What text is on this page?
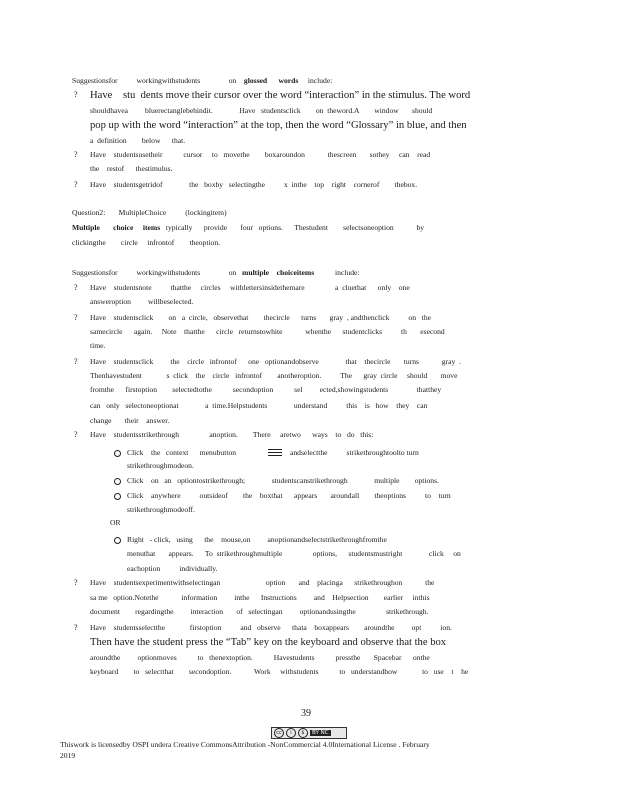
Suggestionsfor          workingwithstudents               on    glossed words     include:
Have    stu  dents move their cursor over the word “interaction” in the stimulus. The word
shouldhavea         bluerectanglebehindit.              Have   studentsclick        on  theword.A        window       should
pop up with the word “interaction” at the top, then the word “Glossary” in blue, and then
a  definition        below      that.
Have    studentsusetheir           cursor     to   movethe        boxaroundon            thescreen       sothey     can    read
the    restof      thestimulus.
Have    studentsgetridof              the   boxby   selectingthe          x  inthe    top    right    cornerof        thebox.
Question2:       MultipleChoice          (lockingitem)
Multiple choice items   typically      provide       four   options.      Thestudent        selectsoneoption            by
clickingthe        circle     infrontof        theoption.
Suggestionsfor          workingwithstudents               on   multiple choiceitems           include:
Have    studentsnote          thatthe     circles     withlettersinsidethemare                a  cluethat      only    one
answeroption         willbeselected.
Have    studentsclick        on   a  circle,   observethat        thecircle      turns       gray  , andthenclick          on   the
samecircle      again.     Note    thatthe      circle   returnstowhite            whenthe      studentclicks          th       esecond
time.
Have    studentsclick         the    circle   infrontof      one   optionandobserve              that    thecircle       turns            gray  .
Thenhavestudent             s  click    the    circle   infrontof        anotheroption.          The      gray  circle     should       move
fromthe      firstoption        selectedtothe           secondoption           sel         ected,showingstudents               thatthey
can   only   selectoneoptionat              a  time.Helpstudents              understand          this    is   how    they    can
change       their    answer.
Have    studentsstrikethrough                anoption.        There     aretwo      ways    to   do   this:
Click    the   context      menubutton	andselectthe          strikethroughtoolto turn
strikethroughmodeon.
Click    on   an   optiontostrikethrough;              studentscanstrikethrough              multiple        options.
Click    anywhere          outsideof        the    boxthat      appears       aroundall        theoptions          to    turn
strikethroughmodeoff.
OR
Right   - click,   using      the    mouse,on         anoptionandselectstrikethroughfromthe
menuthat       appears.      To  strikethroughmultiple                options,      studentsmustright              click     on
eachoption          individually.
Have    studentsexperimentwithselectingan                        option       and    placinga      strikethroughon            the
sa me   option.Notethe            information         inthe      Instructions         and    Helpsection        earlier     inthis
document        regardingthe         interaction       of   selectingan         optionandusingthe                strikethrough.
Have    studentsselectthe             firstoption          and   observe      thata    boxappears        aroundthe         opt          ion.
Then have the student press the “Tab” key on the keyboard and observe that the box
aroundthe         optionmoves           to   thenextoption.           Havestudents           pressthe       Spacebar      onthe
keyboard        to   selectthat        secondoption.            Work     withstudents           to   understandhow             to   use    t    he
?
?
?
?
?
?
?
?
?
39
cc	i	$	BY NC
Thiswork is licensedby OSPI undera Creative CommonsAttribution -NonCommercial 4.0International License . February
2019
